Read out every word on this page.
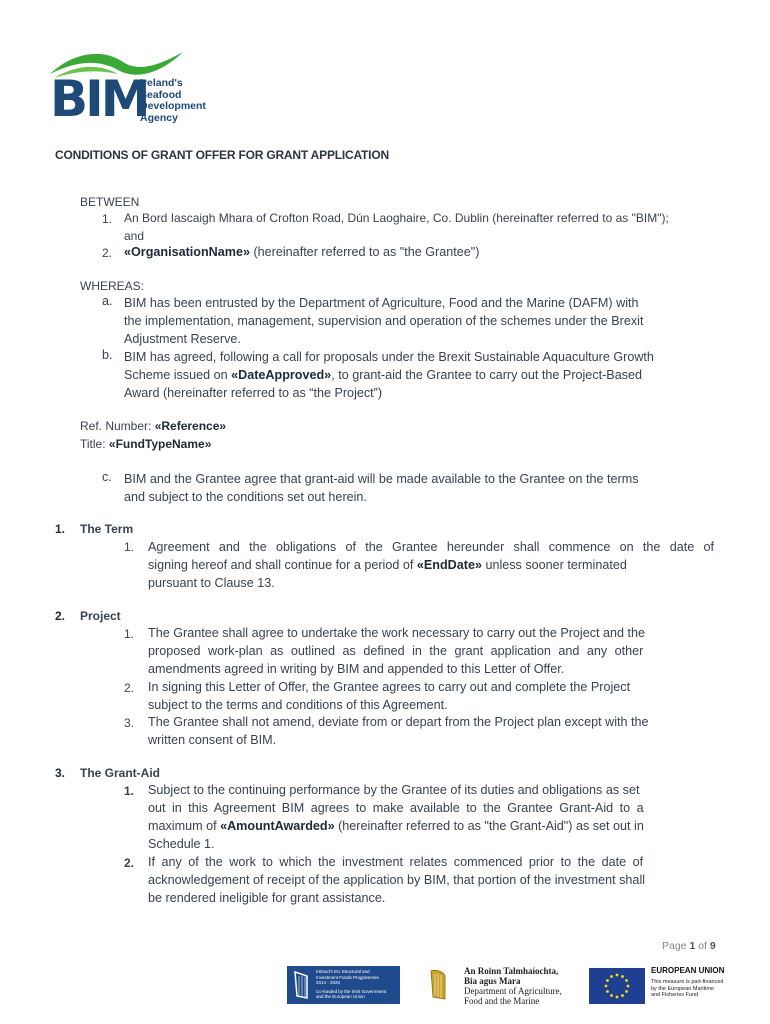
BIM
Ireland's
Seafood
Development
Agency
CONDITIONS OF GRANT OFFER FOR GRANT APPLICATION
BETWEEN
1. An Bord Iascaigh Mhara of Crofton Road, Dún Laoghaire, Co. Dublin (hereinafter referred to as "BIM");
and
2. «OrganisationName» (hereinafter referred to as "the Grantee")
WHEREAS:
a. BIM has been entrusted by the Department of Agriculture, Food and the Marine (DAFM) with
the implementation, management, supervision and operation of the schemes under the Brexit
Adjustment Reserve.
b. BIM has agreed, following a call for proposals under the Brexit Sustainable Aquaculture Growth
Scheme issued on «DateApproved», to grant-aid the Grantee to carry out the Project-Based
Award (hereinafter referred to as “the Project”)
Ref. Number: «Reference»
Title: «FundTypeName»
c. BIM and the Grantee agree that grant-aid will be made available to the Grantee on the terms
and subject to the conditions set out herein.
1. The Term
1. Agreement and the obligations of the Grantee hereunder shall commence on the date of
signing hereof and shall continue for a period of «EndDate» unless sooner terminated
pursuant to Clause 13.
2. Project
1. The Grantee shall agree to undertake the work necessary to carry out the Project and the
proposed work-plan as outlined as defined in the grant application and any other
amendments agreed in writing by BIM and appended to this Letter of Offer.
2. In signing this Letter of Offer, the Grantee agrees to carry out and complete the Project
subject to the terms and conditions of this Agreement.
3. The Grantee shall not amend, deviate from or depart from the Project plan except with the
written consent of BIM.
3. The Grant-Aid
1. Subject to the continuing performance by the Grantee of its duties and obligations as set
out in this Agreement BIM agrees to make available to the Grantee Grant-Aid to a
maximum of «AmountAwarded» (hereinafter referred to as "the Grant-Aid") as set out in
Schedule 1.
2. If any of the work to which the investment relates commenced prior to the date of
acknowledgement of receipt of the application by BIM, that portion of the investment shall
be rendered ineligible for grant assistance.
Page 1 of 9
Ireland's EU Structural and
Investment Funds Programmes
2014 - 2020
Co-funded by the Irish Government
and the European Union
An Roinn Talmhaíochta,
Bia agus Mara
Department of Agriculture,
Food and the Marine
EUROPEAN UNION
This measure is part-financed
by the European Maritime
and Fisheries Fund
